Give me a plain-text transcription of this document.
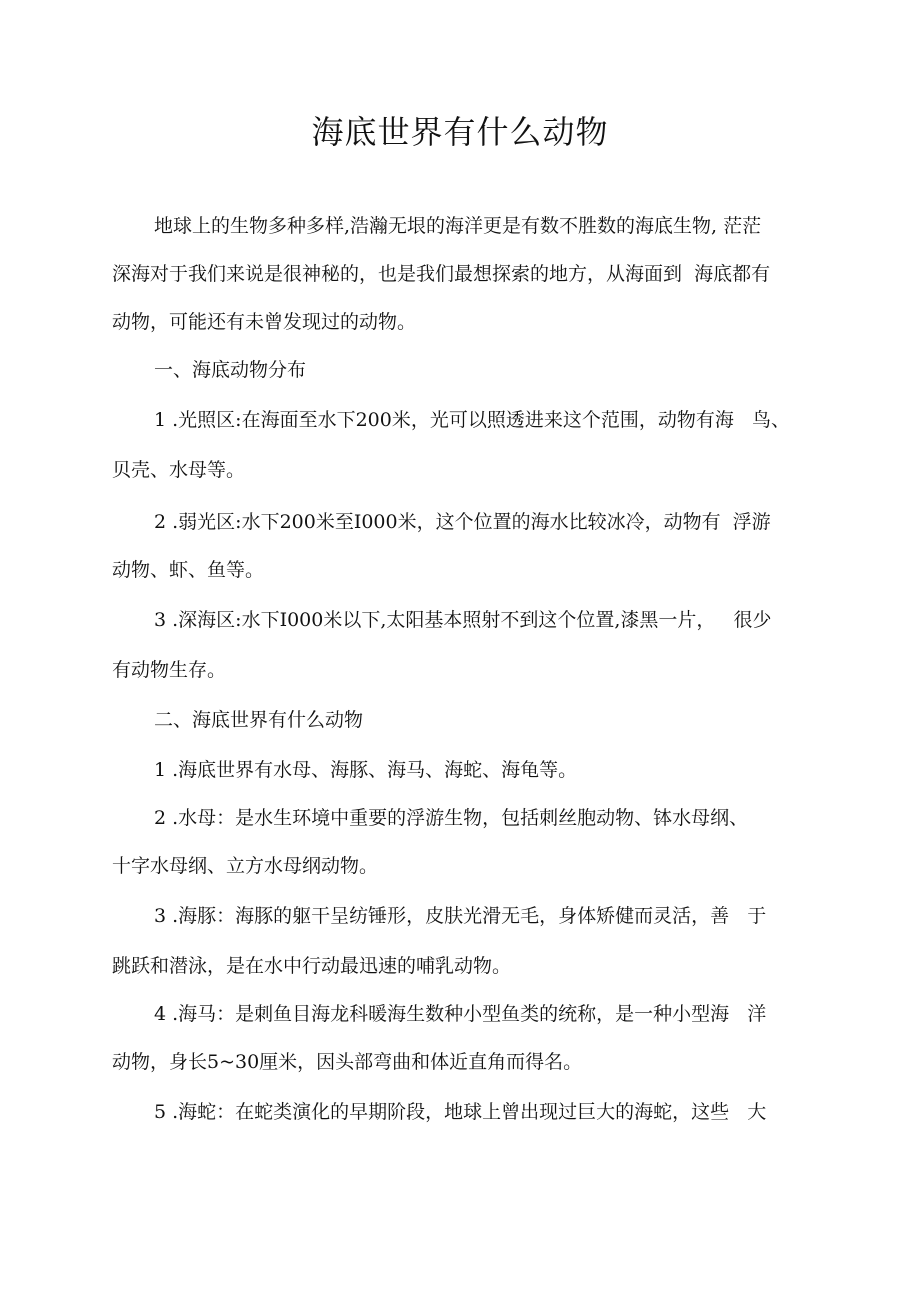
海底世界有什么动物
地球上的生物多种多样,浩瀚无垠的海洋更是有数不胜数的海底生物, 茫茫
深海对于我们来说是很神秘的，也是我们最想探索的地方，从海面到  海底都有
动物，可能还有未曾发现过的动物。
一、海底动物分布
1 .光照区:在海面至水下200米，光可以照透进来这个范围，动物有海   鸟、
贝壳、水母等。
2 .弱光区:水下200米至I000米，这个位置的海水比较冰冷，动物有  浮游
动物、虾、鱼等。
3 .深海区:水下I000米以下,太阳基本照射不到这个位置,漆黑一片，   很少
有动物生存。
二、海底世界有什么动物
1 .海底世界有水母、海豚、海马、海蛇、海龟等。
2 .水母：是水生环境中重要的浮游生物，包括刺丝胞动物、钵水母纲、
十字水母纲、立方水母纲动物。
3 .海豚：海豚的躯干呈纺锤形，皮肤光滑无毛，身体矫健而灵活，善   于
跳跃和潜泳，是在水中行动最迅速的哺乳动物。
4 .海马：是刺鱼目海龙科暖海生数种小型鱼类的统称，是一种小型海   洋
动物，身长5~30厘米，因头部弯曲和体近直角而得名。
5 .海蛇：在蛇类演化的早期阶段，地球上曾出现过巨大的海蛇，这些   大
